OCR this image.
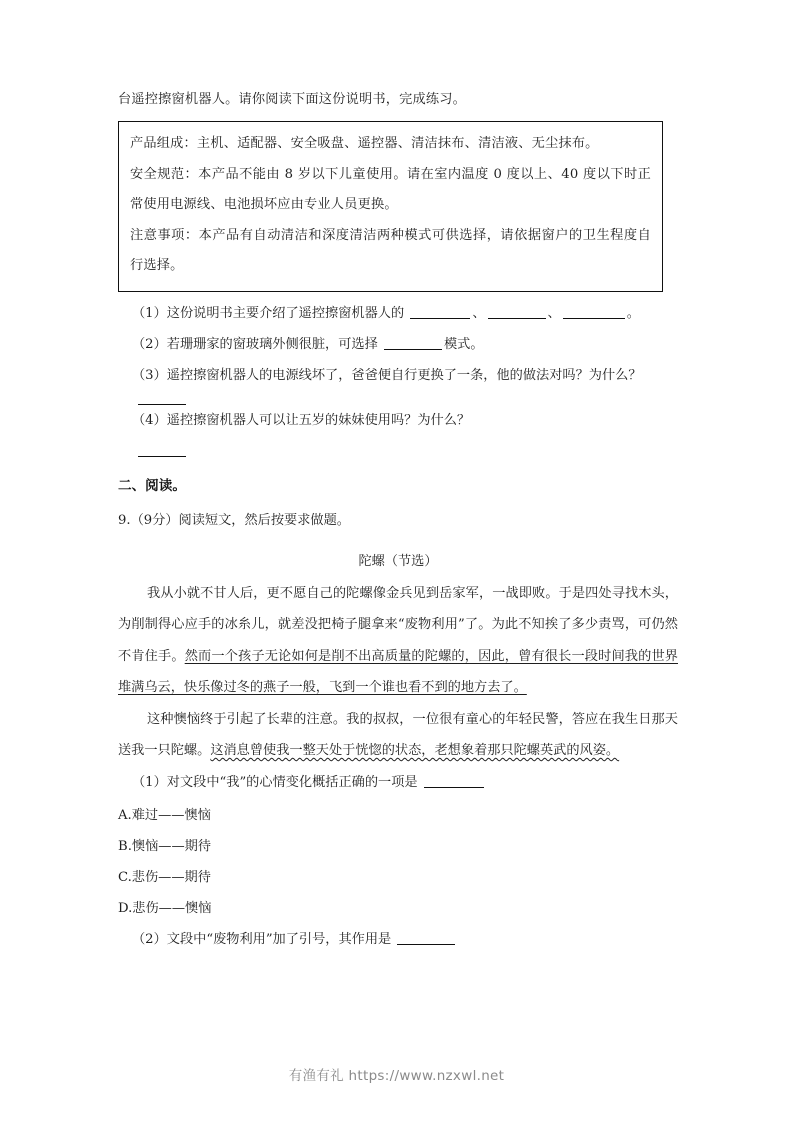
台遥控擦窗机器人。请你阅读下面这份说明书，完成练习。
产品组成：主机、适配器、安全吸盘、遥控器、清洁抹布、清洁液、无尘抹布。
安全规范：本产品不能由 8 岁以下儿童使用。请在室内温度 0 度以上、40 度以下时正常使用电源线、电池损坏应由专业人员更换。
注意事项：本产品有自动清洁和深度清洁两种模式可供选择，请依据窗户的卫生程度自行选择。
（1）这份说明书主要介绍了遥控擦窗机器人的	、	、	。
（2）若珊珊家的窗玻璃外侧很脏，可选择	模式。
（3）遥控擦窗机器人的电源线坏了，爸爸便自行更换了一条，他的做法对吗？为什么？
（4）遥控擦窗机器人可以让五岁的妹妹使用吗？为什么？
二、阅读。
9.（9分）阅读短文，然后按要求做题。
陀螺（节选）
我从小就不甘人后，更不愿自己的陀螺像金兵见到岳家军，一战即败。于是四处寻找木头，为削制得心应手的冰糸儿，就差没把椅子腿拿来“废物利用”了。为此不知挨了多少责骂，可仍然不肯住手。然而一个孩子无论如何是削不出高质量的陀螺的，因此，曾有很长一段时间我的世界堆满乌云，快乐像过冬的燕子一般，飞到一个谁也看不到的地方去了。
这种懊恼终于引起了长辈的注意。我的叔叔，一位很有童心的年轻民警，答应在我生日那天送我一只陀螺。这消息曾使我一整天处于恍惚的状态，老想象着那只陀螺英武的风姿。
（1）对文段中“我”的心情变化概括正确的一项是
A.难过——懊恼
B.懊恼——期待
C.悲伤——期待
D.悲伤——懊恼
（2）文段中“废物利用”加了引号，其作用是
有渔有礼 https://www.nzxwl.net
